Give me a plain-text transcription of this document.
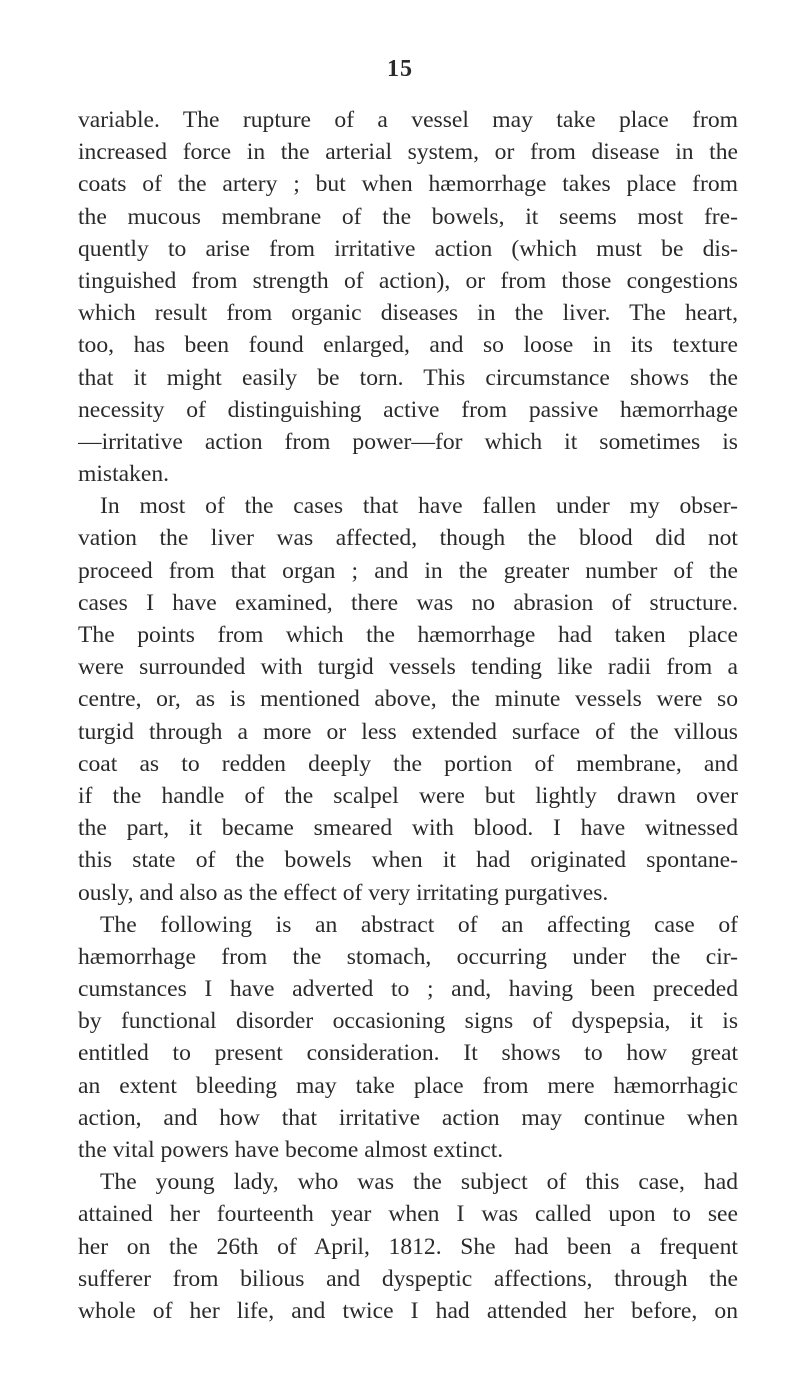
15
variable. The rupture of a vessel may take place from
increased force in the arterial system, or from disease in the
coats of the artery ; but when hæmorrhage takes place from
the mucous membrane of the bowels, it seems most fre-
quently to arise from irritative action (which must be dis-
tinguished from strength of action), or from those congestions
which result from organic diseases in the liver. The heart,
too, has been found enlarged, and so loose in its texture
that it might easily be torn. This circumstance shows the
necessity of distinguishing active from passive hæmorrhage
—irritative action from power—for which it sometimes is
mistaken.
In most of the cases that have fallen under my obser-
vation the liver was affected, though the blood did not
proceed from that organ ; and in the greater number of the
cases I have examined, there was no abrasion of structure.
The points from which the hæmorrhage had taken place
were surrounded with turgid vessels tending like radii from a
centre, or, as is mentioned above, the minute vessels were so
turgid through a more or less extended surface of the villous
coat as to redden deeply the portion of membrane, and
if the handle of the scalpel were but lightly drawn over
the part, it became smeared with blood. I have witnessed
this state of the bowels when it had originated spontane-
ously, and also as the effect of very irritating purgatives.
The following is an abstract of an affecting case of
hæmorrhage from the stomach, occurring under the cir-
cumstances I have adverted to ; and, having been preceded
by functional disorder occasioning signs of dyspepsia, it is
entitled to present consideration. It shows to how great
an extent bleeding may take place from mere hæmorrhagic
action, and how that irritative action may continue when
the vital powers have become almost extinct.
The young lady, who was the subject of this case, had
attained her fourteenth year when I was called upon to see
her on the 26th of April, 1812. She had been a frequent
sufferer from bilious and dyspeptic affections, through the
whole of her life, and twice I had attended her before, on
